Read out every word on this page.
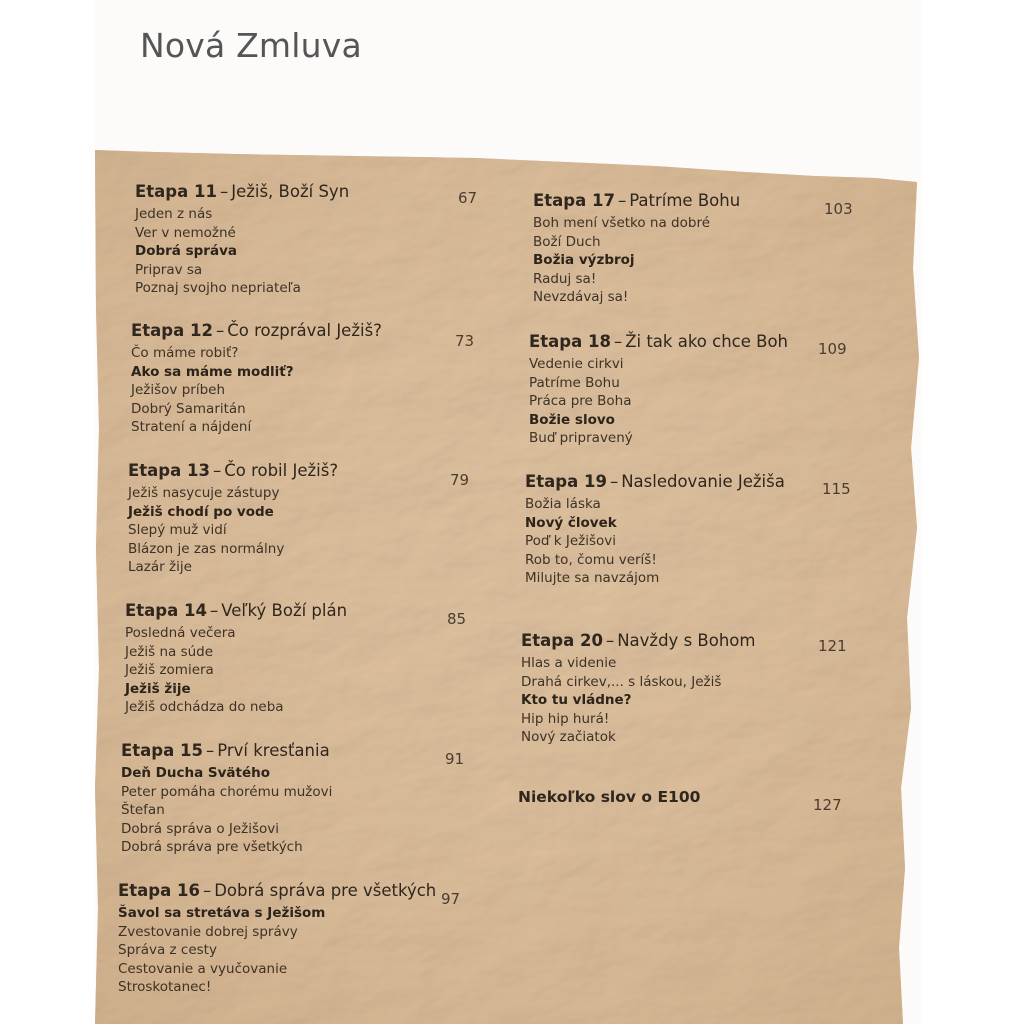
Nová Zmluva
Etapa 11 – Ježiš, Boží Syn
Jeden z nás
Ver v nemožné
Dobrá správa
Priprav sa
Poznaj svojho nepriateľa
67
Etapa 12 – Čo rozprával Ježiš?
Čo máme robiť?
Ako sa máme modliť?
Ježišov príbeh
Dobrý Samaritán
Stratení a nájdení
73
Etapa 13 – Čo robil Ježiš?
Ježiš nasycuje zástupy
Ježiš chodí po vode
Slepý muž vidí
Blázon je zas normálny
Lazár žije
79
Etapa 14 – Veľký Boží plán
Posledná večera
Ježiš na súde
Ježiš zomiera
Ježiš žije
Ježiš odchádza do neba
85
Etapa 15 – Prví kresťania
Deň Ducha Svätého
Peter pomáha chorému mužovi
Štefan
Dobrá správa o Ježišovi
Dobrá správa pre všetkých
91
Etapa 16 – Dobrá správa pre všetkých
Šavol sa stretáva s Ježišom
Zvestovanie dobrej správy
Správa z cesty
Cestovanie a vyučovanie
Stroskotanec!
97
Etapa 17 – Patríme Bohu
Boh mení všetko na dobré
Boží Duch
Božia výzbroj
Raduj sa!
Nevzdávaj sa!
103
Etapa 18 – Ži tak ako chce Boh
Vedenie cirkvi
Patríme Bohu
Práca pre Boha
Božie slovo
Buď pripravený
109
Etapa 19 – Nasledovanie Ježiša
Božia láska
Nový človek
Poď k Ježišovi
Rob to, čomu veríš!
Milujte sa navzájom
115
Etapa 20 – Navždy s Bohom
Hlas a videnie
Drahá cirkev,... s láskou, Ježiš
Kto tu vládne?
Hip hip hurá!
Nový začiatok
121
Niekoľko slov o E100	127
